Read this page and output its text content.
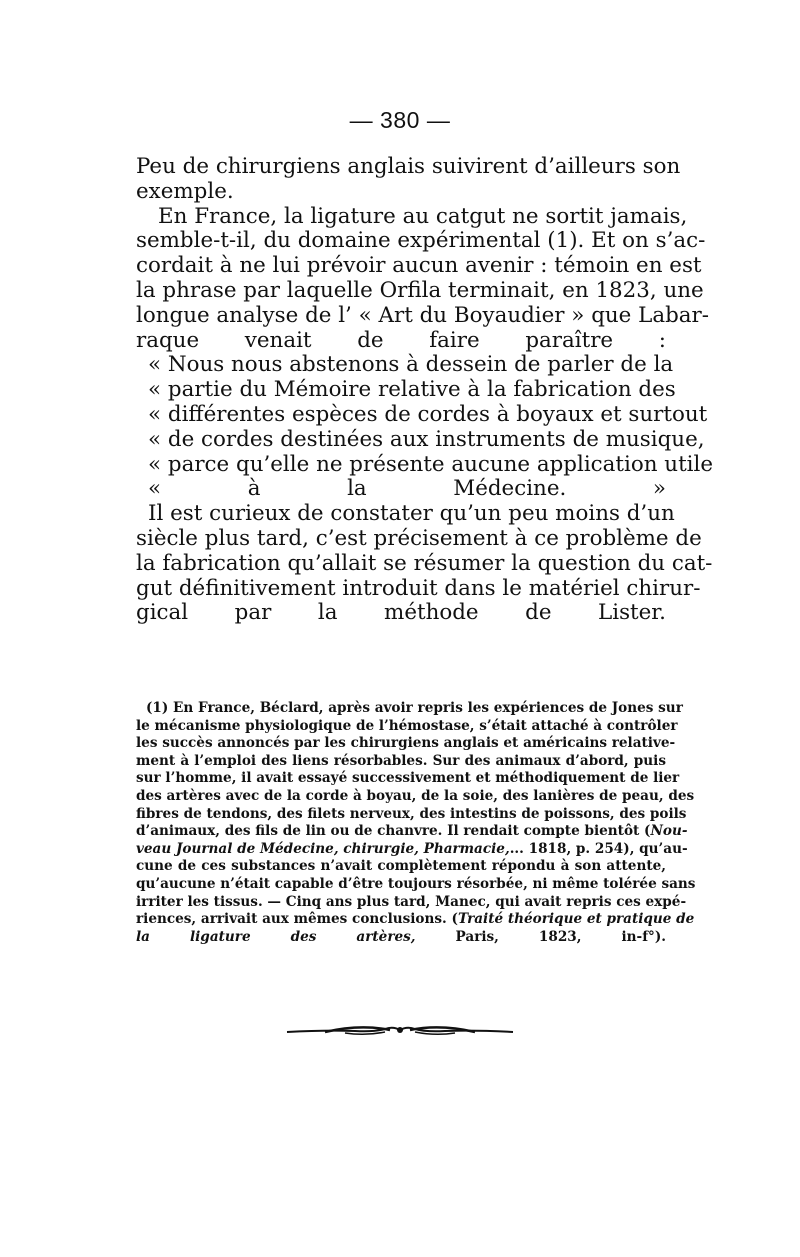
— 380 —
Peu de chirurgiens anglais suivirent d’ailleurs son
exemple.
En France, la ligature au catgut ne sortit jamais,
semble-t-il, du domaine expérimental (1). Et on s’ac-
cordait à ne lui prévoir aucun avenir : témoin en est
la phrase par laquelle Orfila terminait, en 1823, une
longue analyse de l’ « Art du Boyaudier » que Labar-
raque venait de faire paraître :
« Nous nous abstenons à dessein de parler de la
« partie du Mémoire relative à la fabrication des
« différentes espèces de cordes à boyaux et surtout
« de cordes destinées aux instruments de musique,
« parce qu’elle ne présente aucune application utile
« à la Médecine. »
Il est curieux de constater qu’un peu moins d’un
siècle plus tard, c’est précisement à ce problème de
la fabrication qu’allait se résumer la question du cat-
gut définitivement introduit dans le matériel chirur-
gical par la méthode de Lister.
(1) En France, Béclard, après avoir repris les expériences de Jones sur
le mécanisme physiologique de l’hémostase, s’était attaché à contrôler
les succès annoncés par les chirurgiens anglais et américains relative-
ment à l’emploi des liens résorbables. Sur des animaux d’abord, puis
sur l’homme, il avait essayé successivement et méthodiquement de lier
des artères avec de la corde à boyau, de la soie, des lanières de peau, des
fibres de tendons, des filets nerveux, des intestins de poissons, des poils
d’animaux, des fils de lin ou de chanvre. Il rendait compte bientôt (Nou-
veau Journal de Médecine, chirurgie, Pharmacie,... 1818, p. 254), qu’au-
cune de ces substances n’avait complètement répondu à son attente,
qu’aucune n’était capable d’être toujours résorbée, ni même tolérée sans
irriter les tissus. — Cinq ans plus tard, Manec, qui avait repris ces expé-
riences, arrivait aux mêmes conclusions. (Traité théorique et pratique de
la ligature des artères, Paris, 1823, in-f°).
